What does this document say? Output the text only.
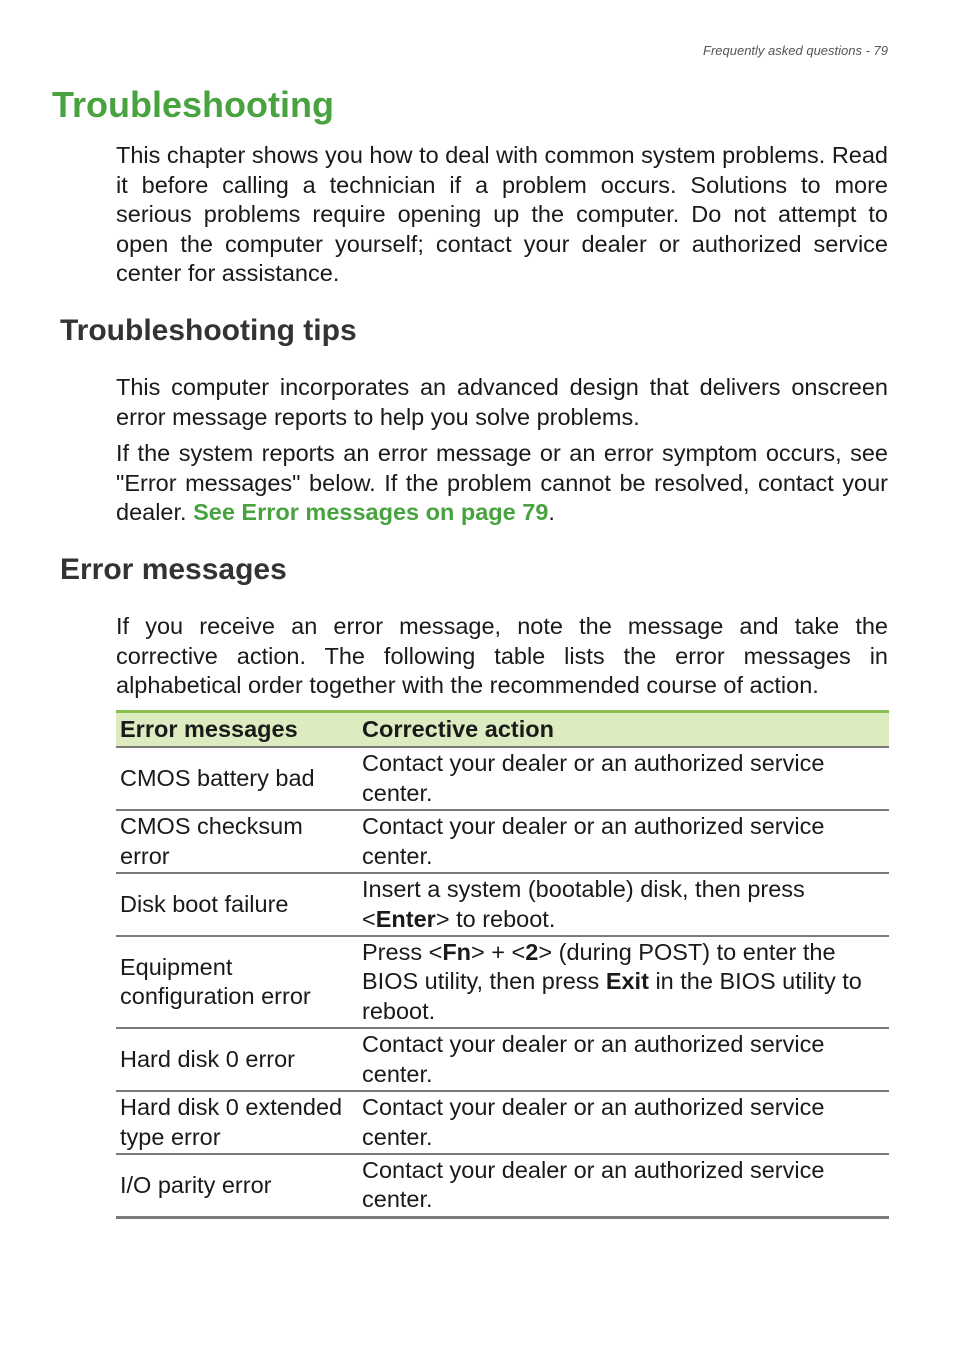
Frequently asked questions - 79
Troubleshooting

This chapter shows you how to deal with common system problems. Read it before calling a technician if a problem occurs. Solutions to more serious problems require opening up the computer. Do not attempt to open the computer yourself; contact your dealer or authorized service center for assistance.

Troubleshooting tips

This computer incorporates an advanced design that delivers onscreen error message reports to help you solve problems.

If the system reports an error message or an error symptom occurs, see "Error messages" below. If the problem cannot be resolved, contact your dealer. See Error messages on page 79.

Error messages

If you receive an error message, note the message and take the corrective action. The following table lists the error messages in alphabetical order together with the recommended course of action.

Error messages	Corrective action
CMOS battery bad	Contact your dealer or an authorized service center.
CMOS checksum error	Contact your dealer or an authorized service center.
Disk boot failure	Insert a system (bootable) disk, then press <Enter> to reboot.
Equipment configuration error	Press <Fn> + <2> (during POST) to enter the BIOS utility, then press Exit in the BIOS utility to reboot.
Hard disk 0 error	Contact your dealer or an authorized service center.
Hard disk 0 extended type error	Contact your dealer or an authorized service center.
I/O parity error	Contact your dealer or an authorized service center.
